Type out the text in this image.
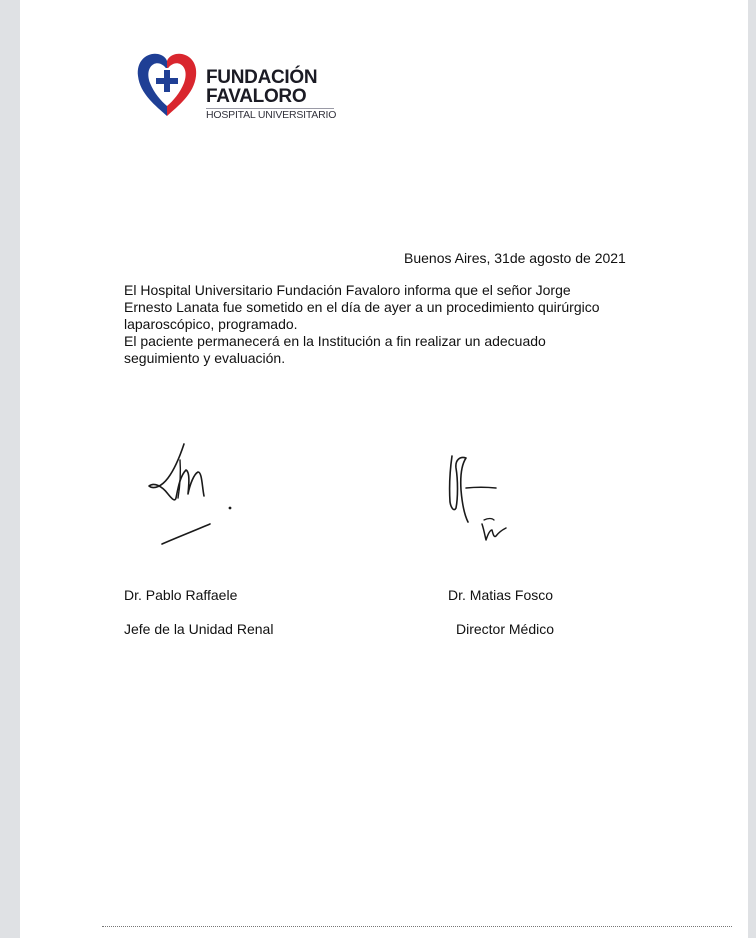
FUNDACIÓN
FAVALORO
HOSPITAL UNIVERSITARIO
Buenos Aires, 31de agosto de 2021

El Hospital Universitario Fundación Favaloro informa que el señor Jorge

Ernesto Lanata fue sometido en el día de ayer a un procedimiento quirúrgico

laparoscópico, programado.

El paciente permanecerá en la Institución a fin realizar un adecuado

seguimiento y evaluación.

Dr. Pablo Raffaele
Jefe de la Unidad Renal
Dr. Matias Fosco
Director Médico
